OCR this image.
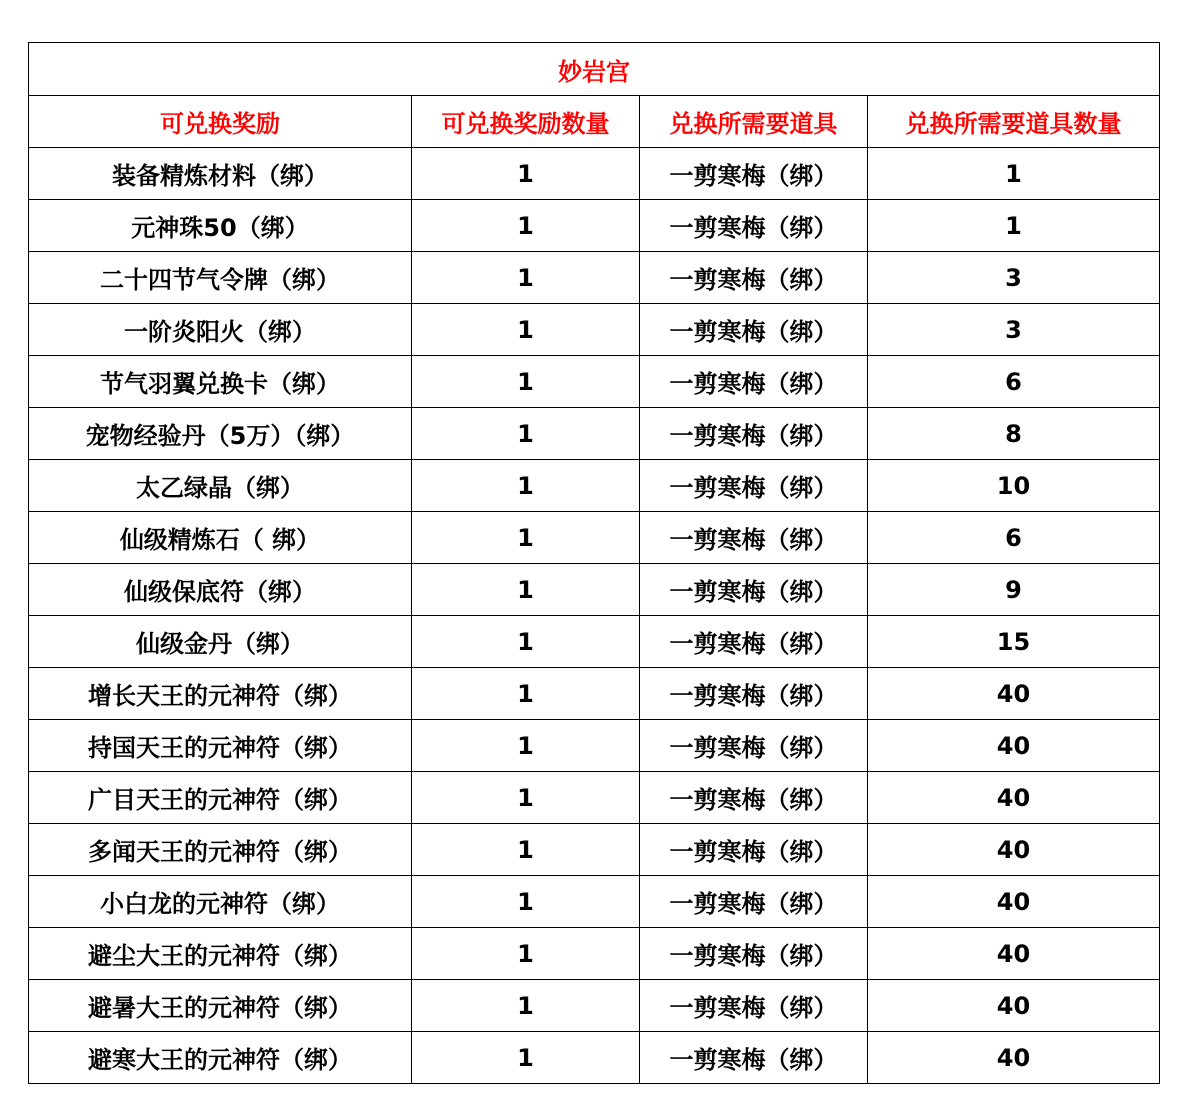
妙岩宫			
可兑换奖励	可兑换奖励数量	兑换所需要道具	兑换所需要道具数量
装备精炼材料（绑）	1	一剪寒梅（绑）	1
元神珠50（绑）	1	一剪寒梅（绑）	1
二十四节气令牌（绑）	1	一剪寒梅（绑）	3
一阶炎阳火（绑）	1	一剪寒梅（绑）	3
节气羽翼兑换卡（绑）	1	一剪寒梅（绑）	6
宠物经验丹（5万）（绑）	1	一剪寒梅（绑）	8
太乙绿晶（绑）	1	一剪寒梅（绑）	10
仙级精炼石（ 绑）	1	一剪寒梅（绑）	6
仙级保底符（绑）	1	一剪寒梅（绑）	9
仙级金丹（绑）	1	一剪寒梅（绑）	15
增长天王的元神符（绑）	1	一剪寒梅（绑）	40
持国天王的元神符（绑）	1	一剪寒梅（绑）	40
广目天王的元神符（绑）	1	一剪寒梅（绑）	40
多闻天王的元神符（绑）	1	一剪寒梅（绑）	40
小白龙的元神符（绑）	1	一剪寒梅（绑）	40
避尘大王的元神符（绑）	1	一剪寒梅（绑）	40
避暑大王的元神符（绑）	1	一剪寒梅（绑）	40
避寒大王的元神符（绑）	1	一剪寒梅（绑）	40
